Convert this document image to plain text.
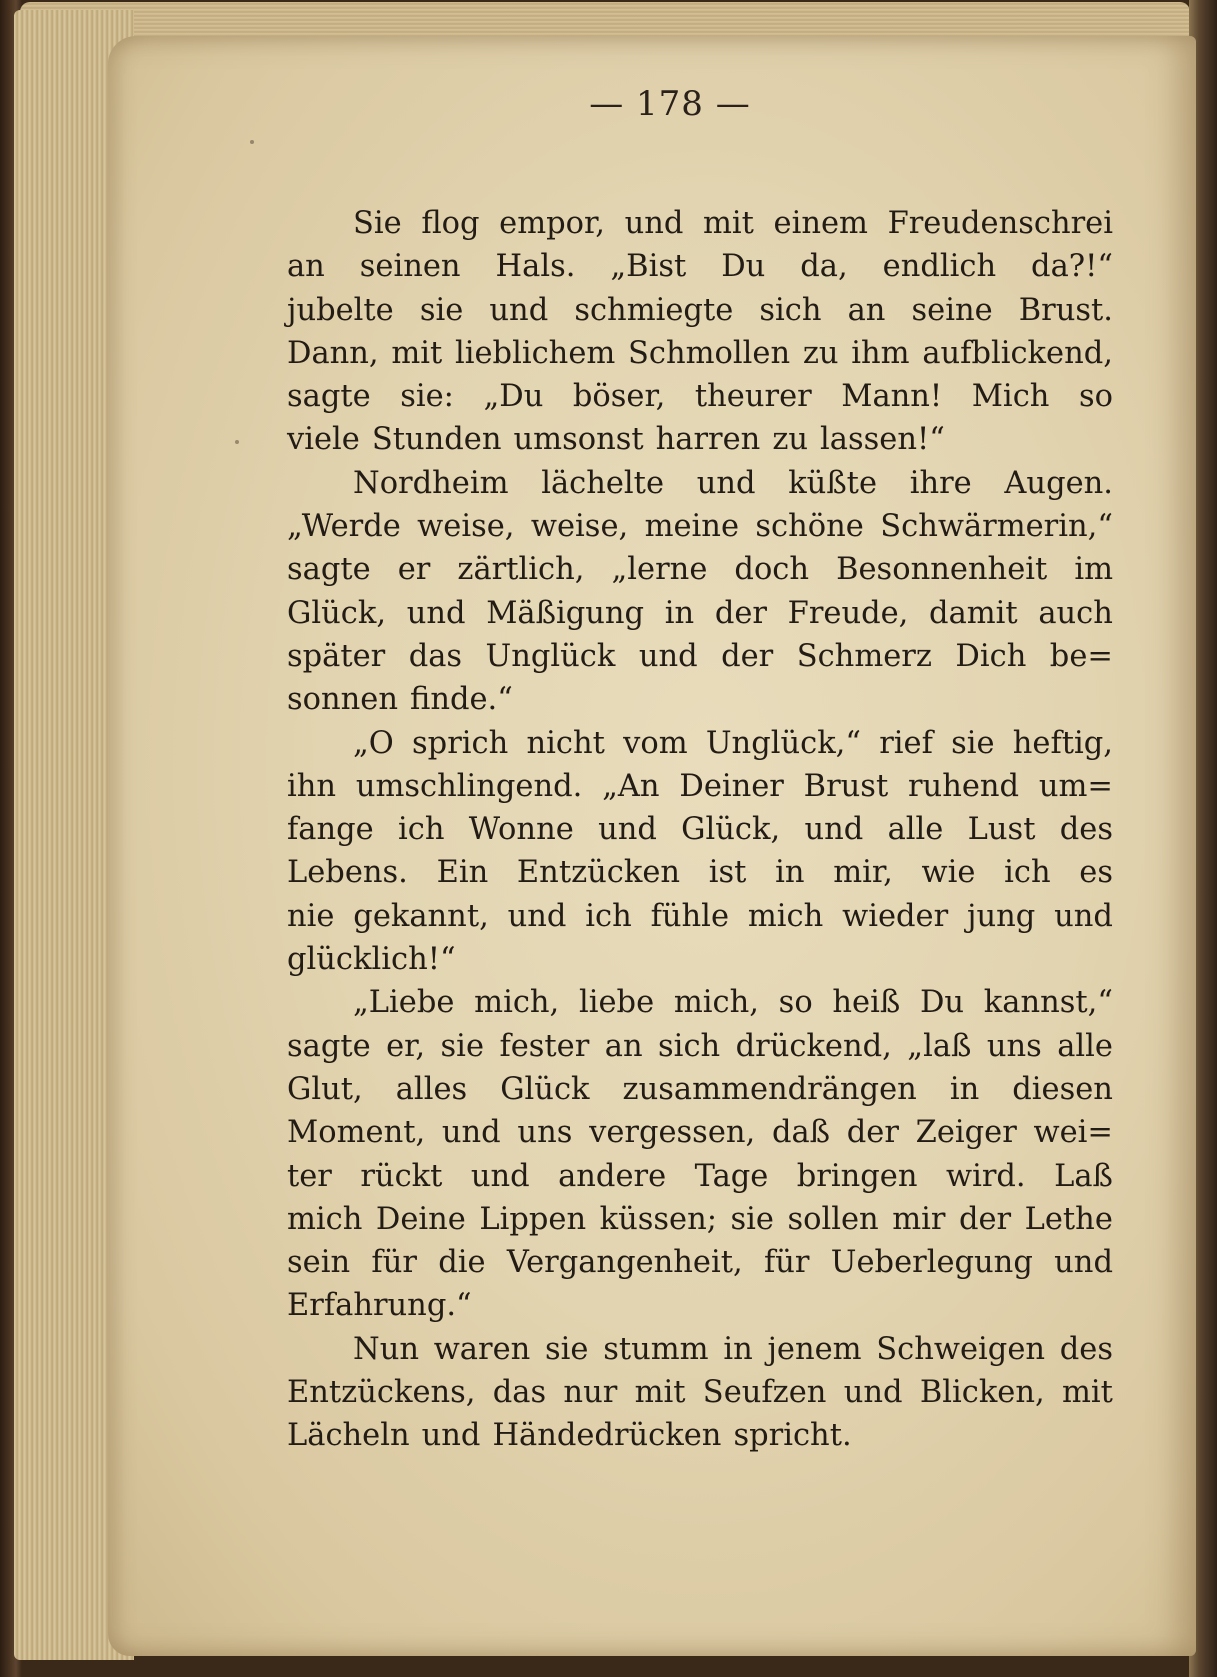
— 178 —
Sie flog empor, und mit einem Freudenschrei
an seinen Hals. „Bist Du da, endlich da?!“
jubelte sie und schmiegte sich an seine Brust.
Dann, mit lieblichem Schmollen zu ihm aufblickend,
sagte sie: „Du böser, theurer Mann! Mich so
viele Stunden umsonst harren zu lassen!“
Nordheim lächelte und küßte ihre Augen.
„Werde weise, weise, meine schöne Schwärmerin,“
sagte er zärtlich, „lerne doch Besonnenheit im
Glück, und Mäßigung in der Freude, damit auch
später das Unglück und der Schmerz Dich be=
sonnen finde.“
„O sprich nicht vom Unglück,“ rief sie heftig,
ihn umschlingend. „An Deiner Brust ruhend um=
fange ich Wonne und Glück, und alle Lust des
Lebens. Ein Entzücken ist in mir, wie ich es
nie gekannt, und ich fühle mich wieder jung und
glücklich!“
„Liebe mich, liebe mich, so heiß Du kannst,“
sagte er, sie fester an sich drückend, „laß uns alle
Glut, alles Glück zusammendrängen in diesen
Moment, und uns vergessen, daß der Zeiger wei=
ter rückt und andere Tage bringen wird. Laß
mich Deine Lippen küssen; sie sollen mir der Lethe
sein für die Vergangenheit, für Ueberlegung und
Erfahrung.“
Nun waren sie stumm in jenem Schweigen des
Entzückens, das nur mit Seufzen und Blicken, mit
Lächeln und Händedrücken spricht.
